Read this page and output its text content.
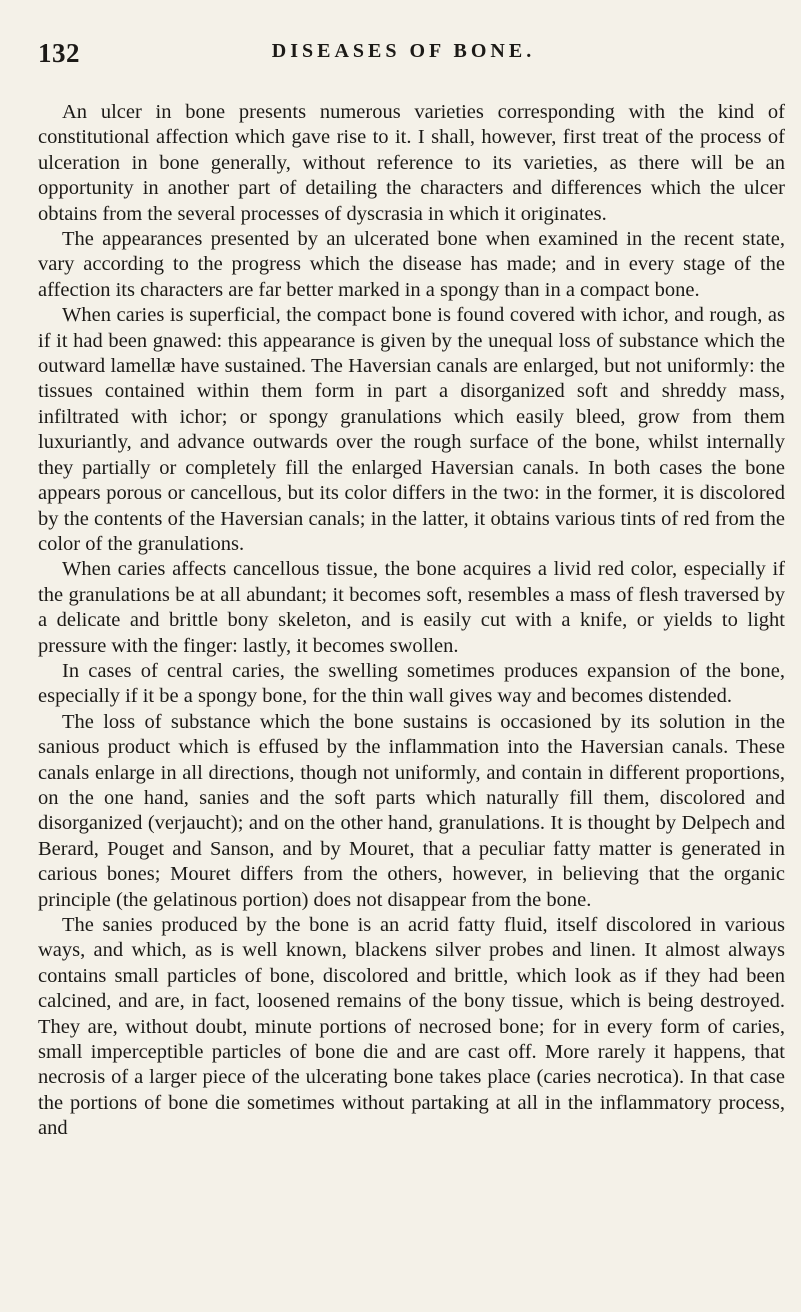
132	DISEASES OF BONE.

An ulcer in bone presents numerous varieties corresponding with the kind of constitutional affection which gave rise to it. I shall, however, first treat of the process of ulceration in bone generally, without reference to its varieties, as there will be an opportunity in another part of detailing the characters and differences which the ulcer obtains from the several processes of dyscrasia in which it originates.

The appearances presented by an ulcerated bone when examined in the recent state, vary according to the progress which the disease has made; and in every stage of the affection its characters are far better marked in a spongy than in a compact bone.

When caries is superficial, the compact bone is found covered with ichor, and rough, as if it had been gnawed: this appearance is given by the unequal loss of substance which the outward lamellæ have sustained. The Haversian canals are enlarged, but not uniformly: the tissues contained within them form in part a disorganized soft and shreddy mass, infiltrated with ichor; or spongy granulations which easily bleed, grow from them luxuriantly, and advance outwards over the rough surface of the bone, whilst internally they partially or completely fill the enlarged Haversian canals. In both cases the bone appears porous or cancellous, but its color differs in the two: in the former, it is discolored by the contents of the Haversian canals; in the latter, it obtains various tints of red from the color of the granulations.

When caries affects cancellous tissue, the bone acquires a livid red color, especially if the granulations be at all abundant; it becomes soft, resembles a mass of flesh traversed by a delicate and brittle bony skeleton, and is easily cut with a knife, or yields to light pressure with the finger: lastly, it becomes swollen.

In cases of central caries, the swelling sometimes produces expansion of the bone, especially if it be a spongy bone, for the thin wall gives way and becomes distended.

The loss of substance which the bone sustains is occasioned by its solution in the sanious product which is effused by the inflammation into the Haversian canals. These canals enlarge in all directions, though not uniformly, and contain in different proportions, on the one hand, sanies and the soft parts which naturally fill them, discolored and disorganized (verjaucht); and on the other hand, granulations. It is thought by Delpech and Berard, Pouget and Sanson, and by Mouret, that a peculiar fatty matter is generated in carious bones; Mouret differs from the others, however, in believing that the organic principle (the gelatinous portion) does not disappear from the bone.

The sanies produced by the bone is an acrid fatty fluid, itself discolored in various ways, and which, as is well known, blackens silver probes and linen. It almost always contains small particles of bone, discolored and brittle, which look as if they had been calcined, and are, in fact, loosened remains of the bony tissue, which is being destroyed. They are, without doubt, minute portions of necrosed bone; for in every form of caries, small imperceptible particles of bone die and are cast off. More rarely it happens, that necrosis of a larger piece of the ulcerating bone takes place (caries necrotica). In that case the portions of bone die sometimes without partaking at all in the inflammatory process, and
